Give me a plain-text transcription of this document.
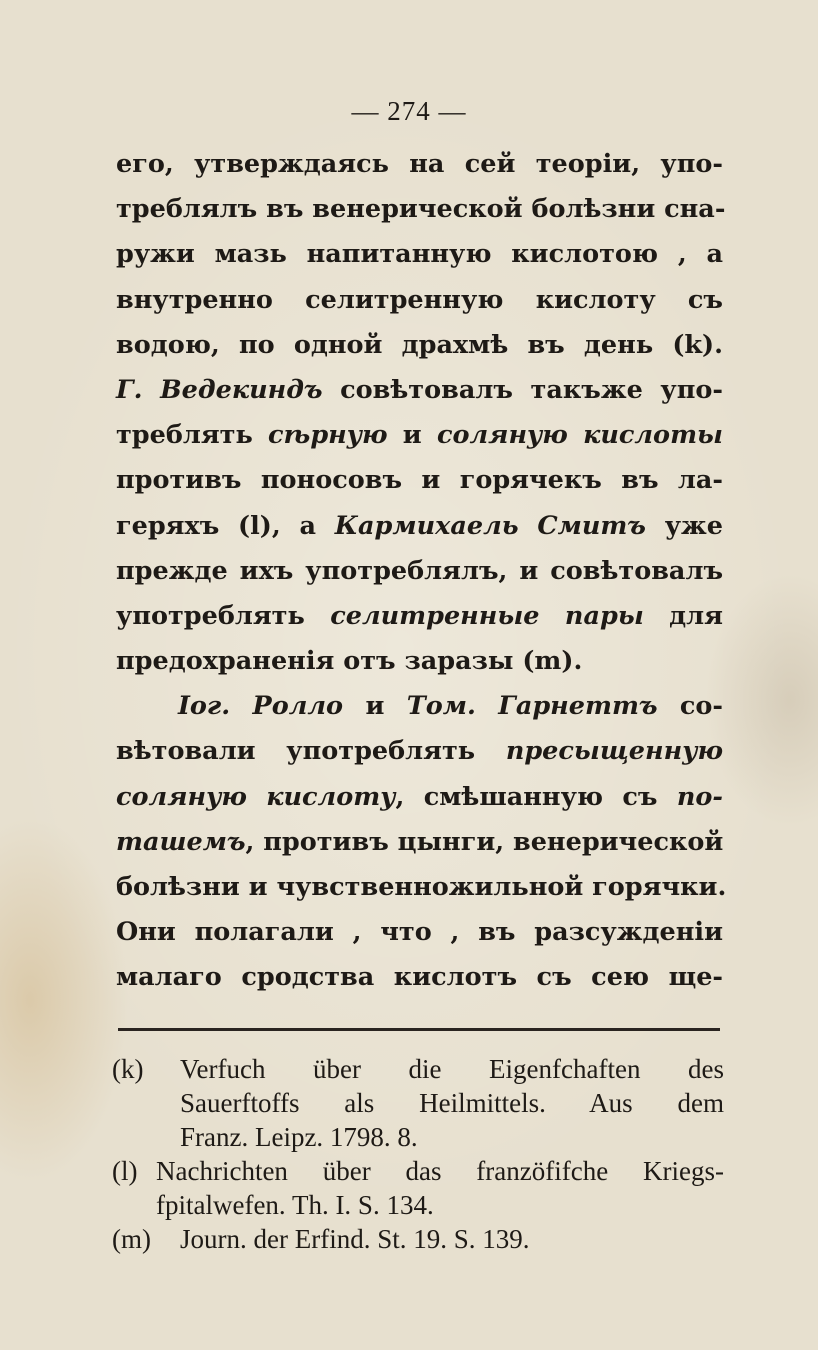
— 274 —
его, утверждаясь на сей теоріи, упо-
треблялъ въ венерической болѣзни сна-
ружи мазь напитанную кислотою , а
внутренно селитренную кислоту съ
водою, по одной драхмѣ въ день (k).
Г. Ведекиндъ совѣтовалъ такъже упо-
треблять сѣрную и соляную кислоты
противъ поносовъ и горячекъ въ ла-
геряхъ (l), а Кармихаель Смитъ уже
прежде ихъ употреблялъ, и совѣтовалъ
употреблять селитренные пары для
предохраненія отъ заразы (m).
Іог. Ролло и Том. Гарнеттъ со-
вѣтовали употреблять пресыщенную
соляную кислоту, смѣшанную съ по-
ташемъ, противъ цынги, венерической
болѣзни и чувственножильной горячки.
Они полагали , что , въ разсужденіи
малаго сродства кислотъ съ сею ще-
(k) Verfuch über die Eigenfchaften des
Sauerftoffs als Heilmittels. Aus dem
Franz. Leipz. 1798. 8.
(l) Nachrichten über das franzöfifche Kriegs-
fpitalwefen. Th. I. S. 134.
(m) Journ. der Erfind. St. 19. S. 139.
